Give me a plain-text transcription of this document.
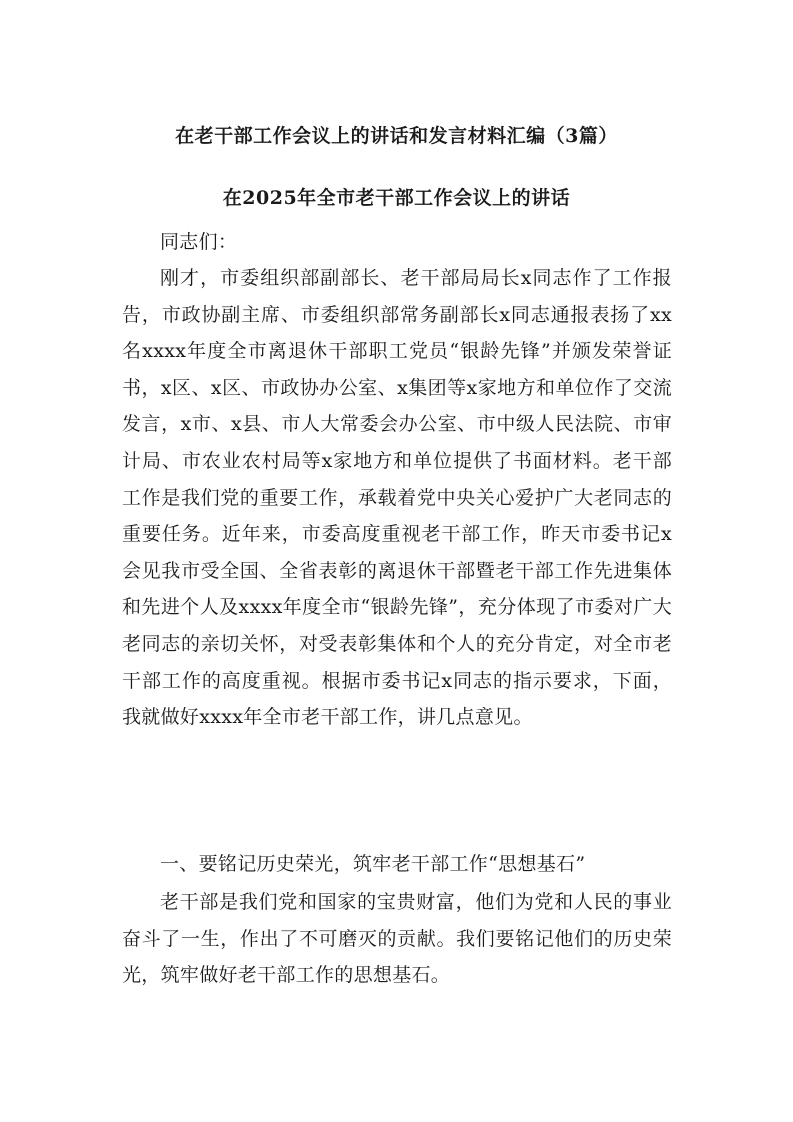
在老干部工作会议上的讲话和发言材料汇编（3篇）
在2025年全市老干部工作会议上的讲话
同志们：
刚才，市委组织部副部长、老干部局局长x同志作了工作报告，市政协副主席、市委组织部常务副部长x同志通报表扬了xx名xxxx年度全市离退休干部职工党员“银龄先锋”并颁发荣誉证书，x区、x区、市政协办公室、x集团等x家地方和单位作了交流发言，x市、x县、市人大常委会办公室、市中级人民法院、市审计局、市农业农村局等x家地方和单位提供了书面材料。老干部工作是我们党的重要工作，承载着党中央关心爱护广大老同志的重要任务。近年来，市委高度重视老干部工作，昨天市委书记x会见我市受全国、全省表彰的离退休干部暨老干部工作先进集体和先进个人及xxxx年度全市“银龄先锋”，充分体现了市委对广大老同志的亲切关怀，对受表彰集体和个人的充分肯定，对全市老干部工作的高度重视。根据市委书记x同志的指示要求，下面，我就做好xxxx年全市老干部工作，讲几点意见。
一、要铭记历史荣光，筑牢老干部工作“思想基石”
老干部是我们党和国家的宝贵财富，他们为党和人民的事业奋斗了一生，作出了不可磨灭的贡献。我们要铭记他们的历史荣光，筑牢做好老干部工作的思想基石。
